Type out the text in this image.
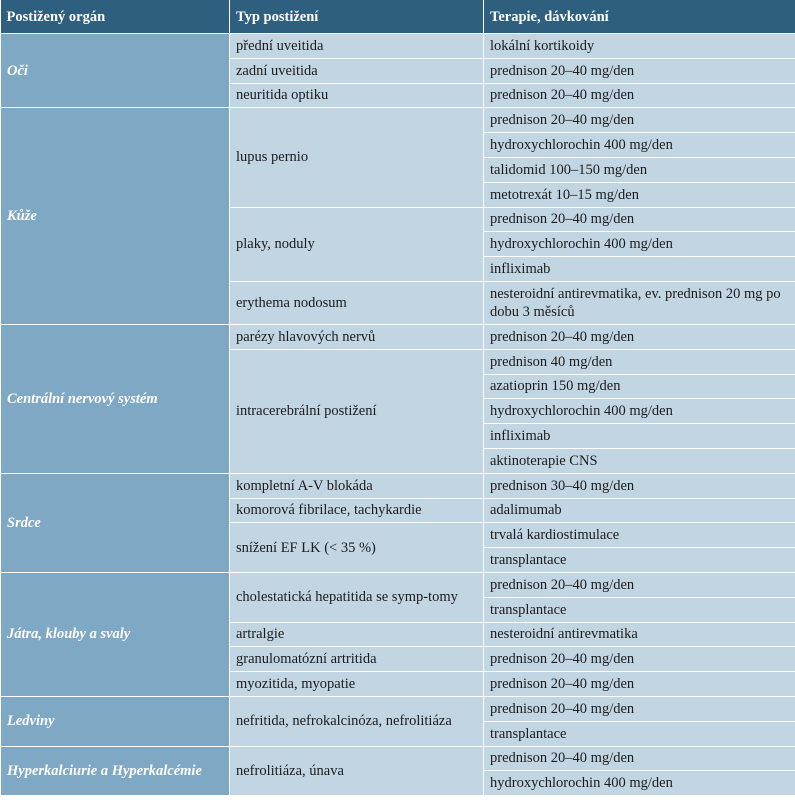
Postižený orgán	Typ postižení	Terapie, dávkování
Oči	přední uveitida	lokální kortikoidy
	zadní uveitida	prednison 20–40 mg/den
	neuritida optiku	prednison 20–40 mg/den
Kůže	lupus pernio	prednison 20–40 mg/den
		hydroxychlorochin 400 mg/den
		talidomid 100–150 mg/den
		metotrexát 10–15 mg/den
	plaky, noduly	prednison 20–40 mg/den
		hydroxychlorochin 400 mg/den
		infliximab
	erythema nodosum	nesteroidní antirevmatika, ev. prednison 20 mg po dobu 3 měsíců
Centrální nervový systém	parézy hlavových nervů	prednison 20–40 mg/den
	intracerebrální postižení	prednison 40 mg/den
		azatioprin 150 mg/den
		hydroxychlorochin 400 mg/den
		infliximab
		aktinoterapie CNS
Srdce	kompletní A-V blokáda	prednison 30–40 mg/den
	komorová fibrilace, tachykardie	adalimumab
	snížení EF LK (< 35 %)	trvalá kardiostimulace
		transplantace
Játra, klouby a svaly	cholestatická hepatitida se symp-tomy	prednison 20–40 mg/den
		transplantace
	artralgie	nesteroidní antirevmatika
	granulomatózní artritida	prednison 20–40 mg/den
	myozitida, myopatie	prednison 20–40 mg/den
Ledviny	nefritida, nefrokalcinóza, nefrolitiáza	prednison 20–40 mg/den
		transplantace
Hyperkalciurie a Hyperkalcémie	nefrolitiáza, únava	prednison 20–40 mg/den
		hydroxychlorochin 400 mg/den
